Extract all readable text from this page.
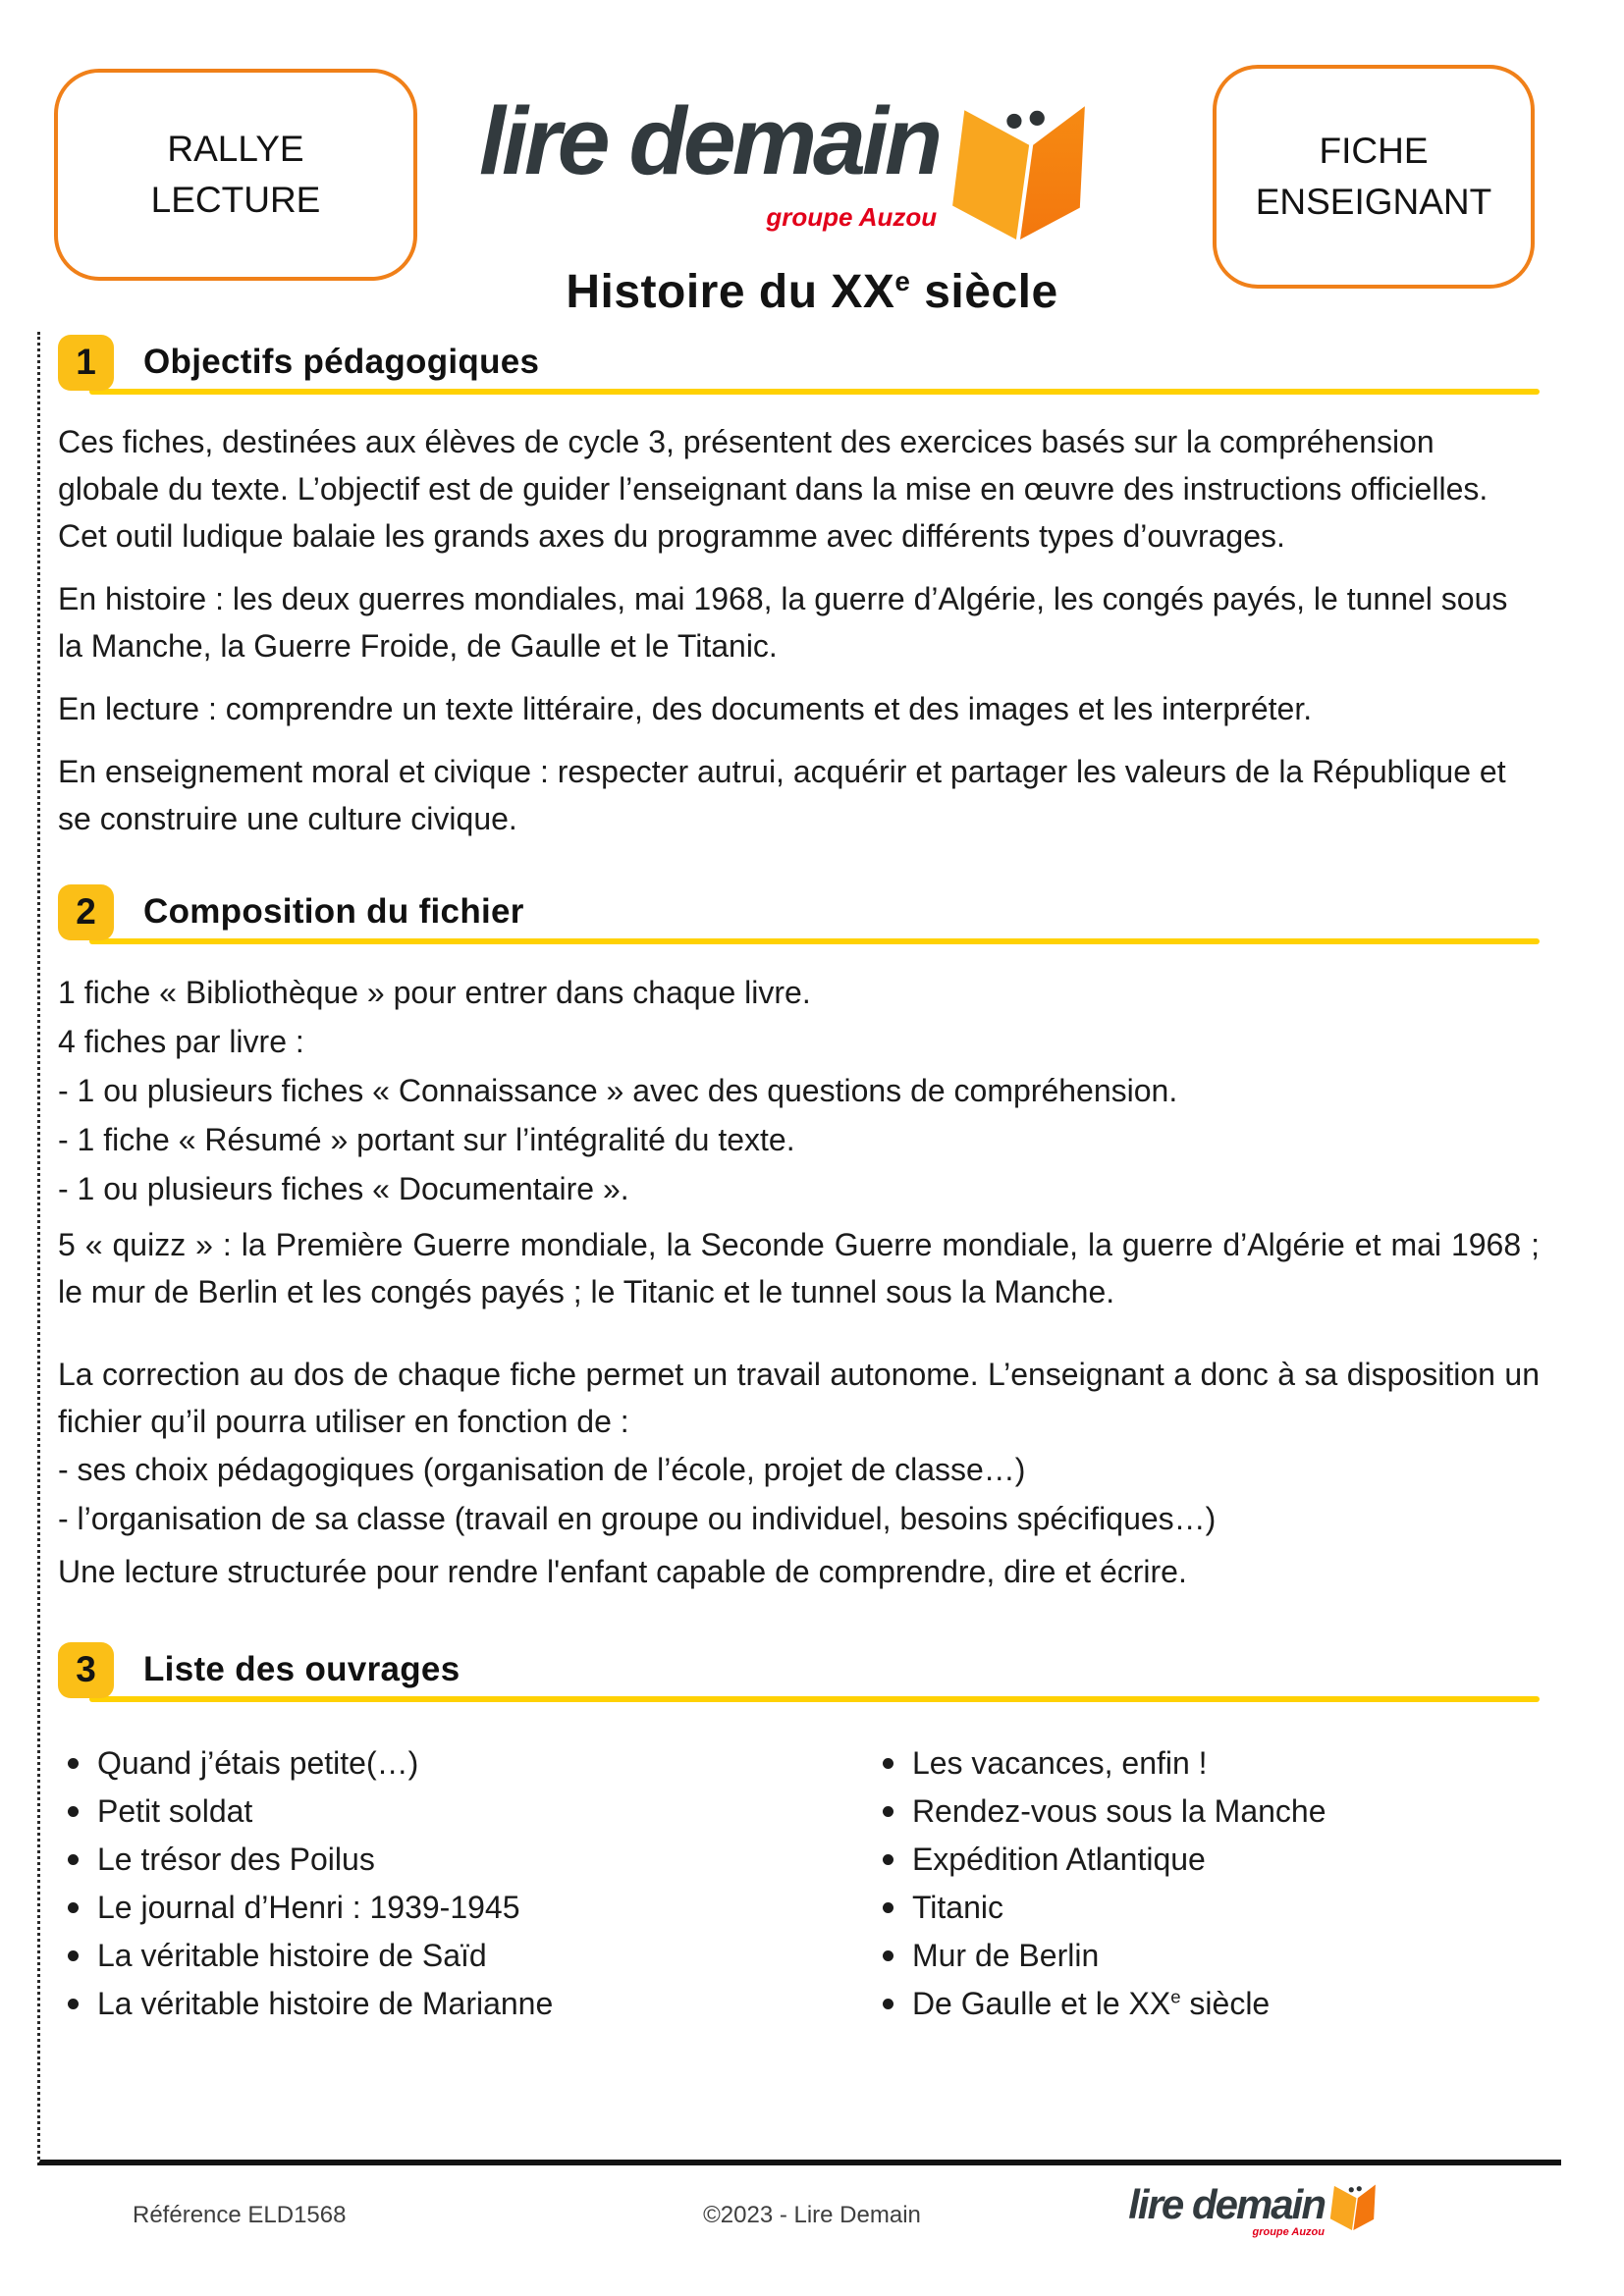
RALLYE
LECTURE
lire demain
groupe Auzou
FICHE
ENSEIGNANT
Histoire du XXe siècle
1	Objectifs pédagogiques

Ces fiches, destinées aux élèves de cycle 3, présentent des exercices basés sur la compréhension globale du texte. L’objectif est de guider l’enseignant dans la mise en œuvre des instructions officielles. Cet outil ludique balaie les grands axes du programme avec différents types d’ouvrages.

En histoire : les deux guerres mondiales, mai 1968, la guerre d’Algérie, les congés payés, le tunnel sous la Manche, la Guerre Froide, de Gaulle et le Titanic.

En lecture : comprendre un texte littéraire, des documents et des images et les interpréter.

En enseignement moral et civique : respecter autrui, acquérir et partager les valeurs de la République et se construire une culture civique.

2	Composition du fichier

1 fiche « Bibliothèque » pour entrer dans chaque livre.

4 fiches par livre :

- 1 ou plusieurs fiches « Connaissance » avec des questions de compréhension.

- 1 fiche « Résumé » portant sur l’intégralité du texte.

- 1 ou plusieurs fiches « Documentaire ».

5 « quizz » : la Première Guerre mondiale, la Seconde Guerre mondiale, la guerre d’Algérie et mai 1968 ; le mur de Berlin et les congés payés ; le Titanic et le tunnel sous la Manche.

La correction au dos de chaque fiche permet un travail autonome. L’enseignant a donc à sa disposition un fichier qu’il pourra utiliser en fonction de :

- ses choix pédagogiques (organisation de l’école, projet de classe…)

- l’organisation de sa classe (travail en groupe ou individuel, besoins spécifiques…)

Une lecture structurée pour rendre l'enfant capable de comprendre, dire et écrire.

3	Liste des ouvrages
Quand j’étais petite(…)
Petit soldat
Le trésor des Poilus
Le journal d’Henri : 1939-1945
La véritable histoire de Saïd
La véritable histoire de Marianne
Les vacances, enfin !
Rendez-vous sous la Manche
Expédition Atlantique
Titanic
Mur de Berlin
De Gaulle et le XXe siècle
Référence ELD1568	©2023 - Lire Demain	lire demain
groupe Auzou
